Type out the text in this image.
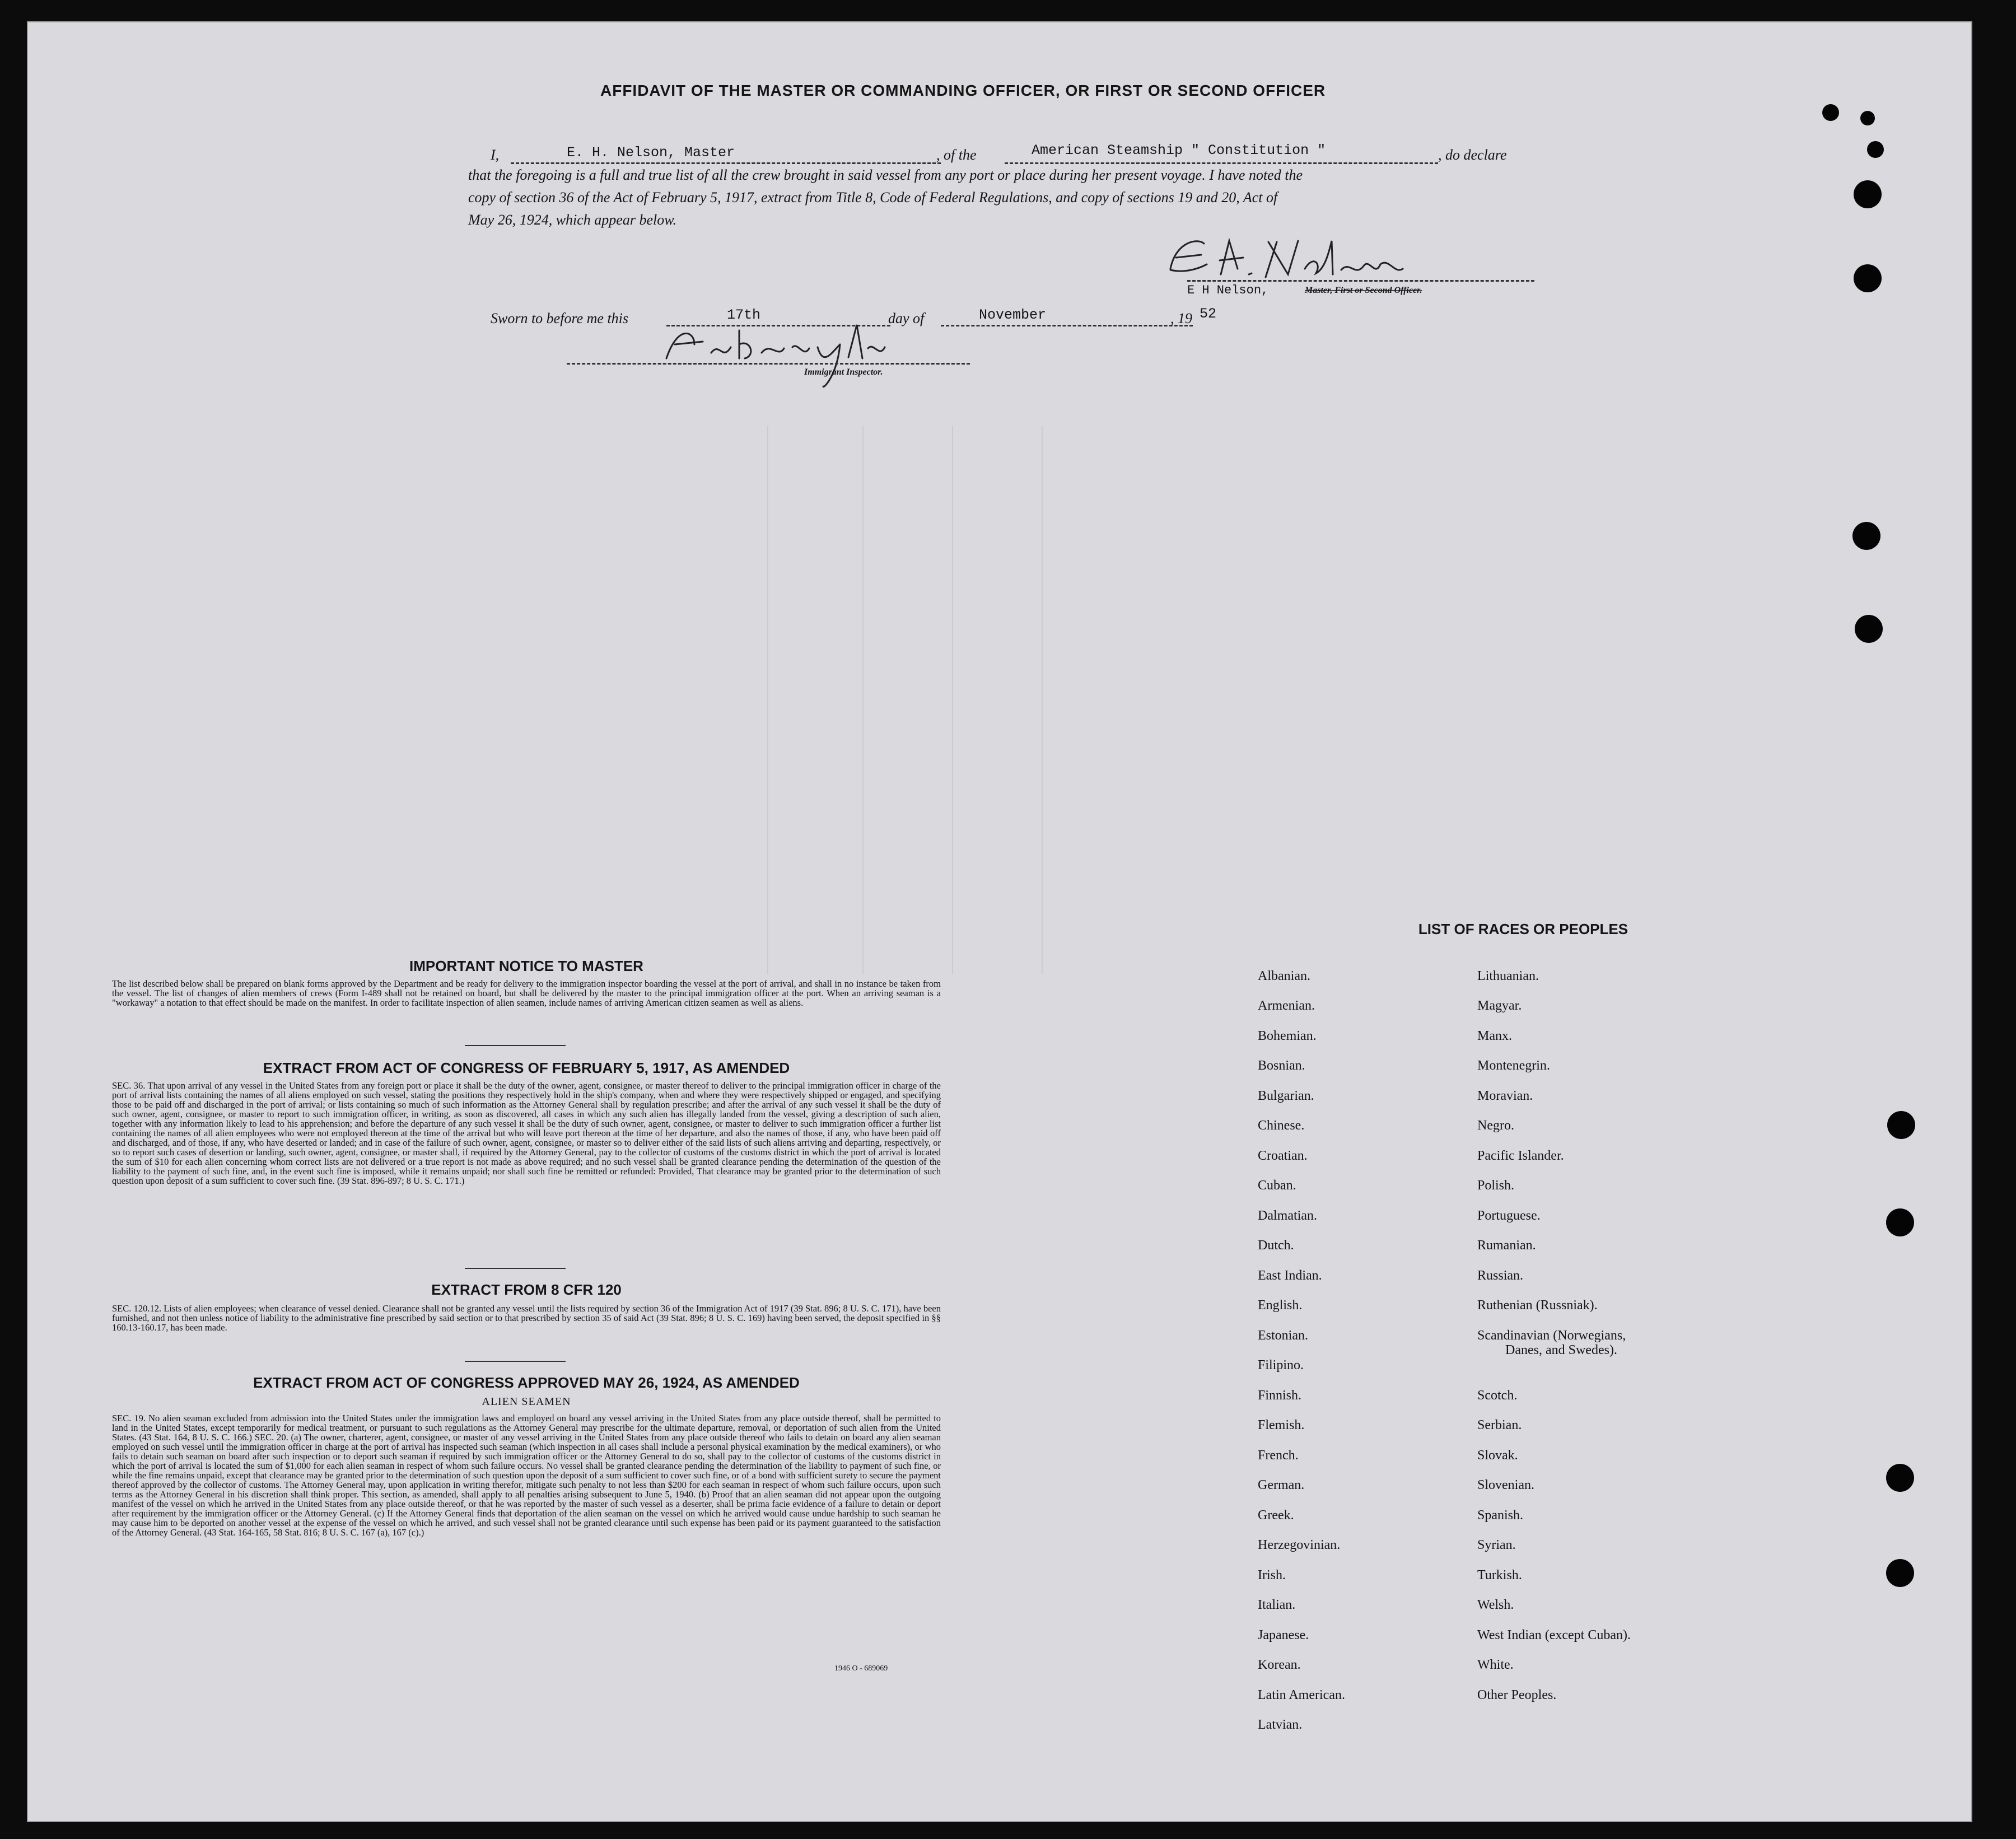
AFFIDAVIT OF THE MASTER OR COMMANDING OFFICER, OR FIRST OR SECOND OFFICER
I,	E. H. Nelson, Master	, of the	American Steamship " Constitution "	, do declare
that the foregoing is a full and true list of all the crew brought in said vessel from any port or place during her present voyage. I have noted the
copy of section 36 of the Act of February 5, 1917, extract from Title 8, Code of Federal Regulations, and copy of sections 19 and 20, Act of
May 26, 1924, which appear below.
E H Nelson,	Master, First or Second Officer.
Sworn to before me this	17th	day of	November	, 19 52
Immigrant Inspector.
IMPORTANT NOTICE TO MASTER
The list described below shall be prepared on blank forms approved by the Department and be ready for delivery to the immigration inspector boarding the vessel at the port of arrival, and shall in no instance be taken from the vessel. The list of changes of alien members of crews (Form I-489 shall not be retained on board, but shall be delivered by the master to the principal immigration officer at the port. When an arriving seaman is a "workaway" a notation to that effect should be made on the manifest. In order to facilitate inspection of alien seamen, include names of arriving American citizen seamen as well as aliens.
EXTRACT FROM ACT OF CONGRESS OF FEBRUARY 5, 1917, AS AMENDED
SEC. 36. That upon arrival of any vessel in the United States from any foreign port or place it shall be the duty of the owner, agent, consignee, or master thereof to deliver to the principal immigration officer in charge of the port of arrival lists containing the names of all aliens employed on such vessel, stating the positions they respectively hold in the ship's company, when and where they were respectively shipped or engaged, and specifying those to be paid off and discharged in the port of arrival; or lists containing so much of such information as the Attorney General shall by regulation prescribe; and after the arrival of any such vessel it shall be the duty of such owner, agent, consignee, or master to report to such immigration officer, in writing, as soon as discovered, all cases in which any such alien has illegally landed from the vessel, giving a description of such alien, together with any information likely to lead to his apprehension; and before the departure of any such vessel it shall be the duty of such owner, agent, consignee, or master to deliver to such immigration officer a further list containing the names of all alien employees who were not employed thereon at the time of the arrival but who will leave port thereon at the time of her departure, and also the names of those, if any, who have been paid off and discharged, and of those, if any, who have deserted or landed; and in case of the failure of such owner, agent, consignee, or master so to deliver either of the said lists of such aliens arriving and departing, respectively, or so to report such cases of desertion or landing, such owner, agent, consignee, or master shall, if required by the Attorney General, pay to the collector of customs of the customs district in which the port of arrival is located the sum of $10 for each alien concerning whom correct lists are not delivered or a true report is not made as above required; and no such vessel shall be granted clearance pending the determination of the question of the liability to the payment of such fine, and, in the event such fine is imposed, while it remains unpaid; nor shall such fine be remitted or refunded: Provided, That clearance may be granted prior to the determination of such question upon deposit of a sum sufficient to cover such fine. (39 Stat. 896-897; 8 U. S. C. 171.)
EXTRACT FROM 8 CFR 120
SEC. 120.12. Lists of alien employees; when clearance of vessel denied. Clearance shall not be granted any vessel until the lists required by section 36 of the Immigration Act of 1917 (39 Stat. 896; 8 U. S. C. 171), have been furnished, and not then unless notice of liability to the administrative fine prescribed by said section or to that prescribed by section 35 of said Act (39 Stat. 896; 8 U. S. C. 169) having been served, the deposit specified in §§ 160.13-160.17, has been made.
EXTRACT FROM ACT OF CONGRESS APPROVED MAY 26, 1924, AS AMENDED
ALIEN SEAMEN
SEC. 19. No alien seaman excluded from admission into the United States under the immigration laws and employed on board any vessel arriving in the United States from any place outside thereof, shall be permitted to land in the United States, except temporarily for medical treatment, or pursuant to such regulations as the Attorney General may prescribe for the ultimate departure, removal, or deportation of such alien from the United States. (43 Stat. 164, 8 U. S. C. 166.) SEC. 20. (a) The owner, charterer, agent, consignee, or master of any vessel arriving in the United States from any place outside thereof who fails to detain on board any alien seaman employed on such vessel until the immigration officer in charge at the port of arrival has inspected such seaman (which inspection in all cases shall include a personal physical examination by the medical examiners), or who fails to detain such seaman on board after such inspection or to deport such seaman if required by such immigration officer or the Attorney General to do so, shall pay to the collector of customs of the customs district in which the port of arrival is located the sum of $1,000 for each alien seaman in respect of whom such failure occurs. No vessel shall be granted clearance pending the determination of the liability to payment of such fine, or while the fine remains unpaid, except that clearance may be granted prior to the determination of such question upon the deposit of a sum sufficient to cover such fine, or of a bond with sufficient surety to secure the payment thereof approved by the collector of customs. The Attorney General may, upon application in writing therefor, mitigate such penalty to not less than $200 for each seaman in respect of whom such failure occurs, upon such terms as the Attorney General in his discretion shall think proper. This section, as amended, shall apply to all penalties arising subsequent to June 5, 1940. (b) Proof that an alien seaman did not appear upon the outgoing manifest of the vessel on which he arrived in the United States from any place outside thereof, or that he was reported by the master of such vessel as a deserter, shall be prima facie evidence of a failure to detain or deport after requirement by the immigration officer or the Attorney General. (c) If the Attorney General finds that deportation of the alien seaman on the vessel on which he arrived would cause undue hardship to such seaman he may cause him to be deported on another vessel at the expense of the vessel on which he arrived, and such vessel shall not be granted clearance until such expense has been paid or its payment guaranteed to the satisfaction of the Attorney General. (43 Stat. 164-165, 58 Stat. 816; 8 U. S. C. 167 (a), 167 (c).)
1946 O - 689069
LIST OF RACES OR PEOPLES
Albanian.
Armenian.
Bohemian.
Bosnian.
Bulgarian.
Chinese.
Croatian.
Cuban.
Dalmatian.
Dutch.
East Indian.
English.
Estonian.
Filipino.
Finnish.
Flemish.
French.
German.
Greek.
Herzegovinian.
Irish.
Italian.
Japanese.
Korean.
Latin American.
Latvian.
Lithuanian.
Magyar.
Manx.
Montenegrin.
Moravian.
Negro.
Pacific Islander.
Polish.
Portuguese.
Rumanian.
Russian.
Ruthenian (Russniak).
Scandinavian (Norwegians,
Danes, and Swedes).
Scotch.
Serbian.
Slovak.
Slovenian.
Spanish.
Syrian.
Turkish.
Welsh.
West Indian (except Cuban).
White.
Other Peoples.
